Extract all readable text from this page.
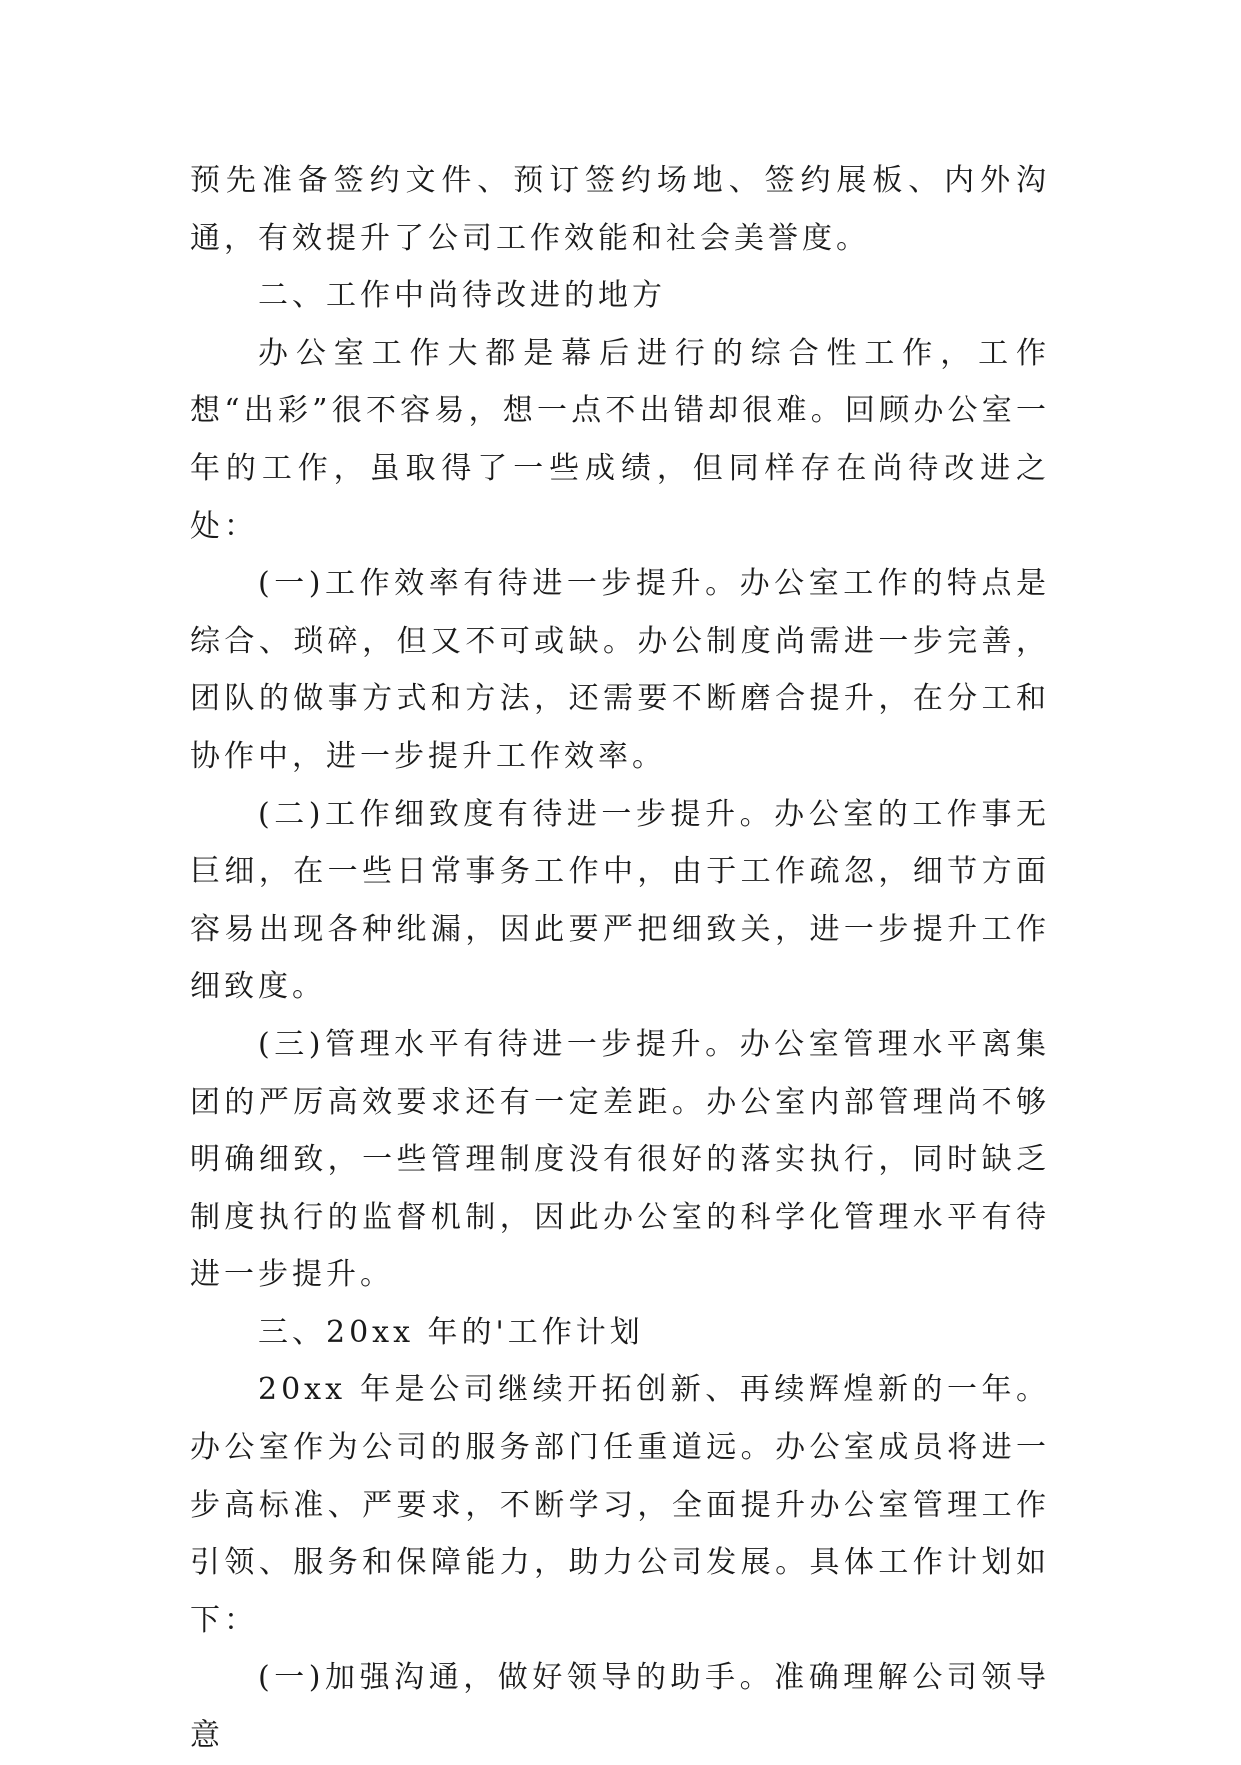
预先准备签约文件、预订签约场地、签约展板、内外沟通，有效提升了公司工作效能和社会美誉度。

二、工作中尚待改进的地方

办公室工作大都是幕后进行的综合性工作，工作想“出彩”很不容易，想一点不出错却很难。回顾办公室一年的工作，虽取得了一些成绩，但同样存在尚待改进之处：

(一)工作效率有待进一步提升。办公室工作的特点是综合、琐碎，但又不可或缺。办公制度尚需进一步完善，团队的做事方式和方法，还需要不断磨合提升，在分工和协作中，进一步提升工作效率。

(二)工作细致度有待进一步提升。办公室的工作事无巨细，在一些日常事务工作中，由于工作疏忽，细节方面容易出现各种纰漏，因此要严把细致关，进一步提升工作细致度。

(三)管理水平有待进一步提升。办公室管理水平离集团的严厉高效要求还有一定差距。办公室内部管理尚不够明确细致，一些管理制度没有很好的落实执行，同时缺乏制度执行的监督机制，因此办公室的科学化管理水平有待进一步提升。

三、20xx 年的'工作计划

20xx 年是公司继续开拓创新、再续辉煌新的一年。办公室作为公司的服务部门任重道远。办公室成员将进一步高标准、严要求，不断学习，全面提升办公室管理工作引领、服务和保障能力，助力公司发展。具体工作计划如下：

(一)加强沟通，做好领导的助手。准确理解公司领导意
